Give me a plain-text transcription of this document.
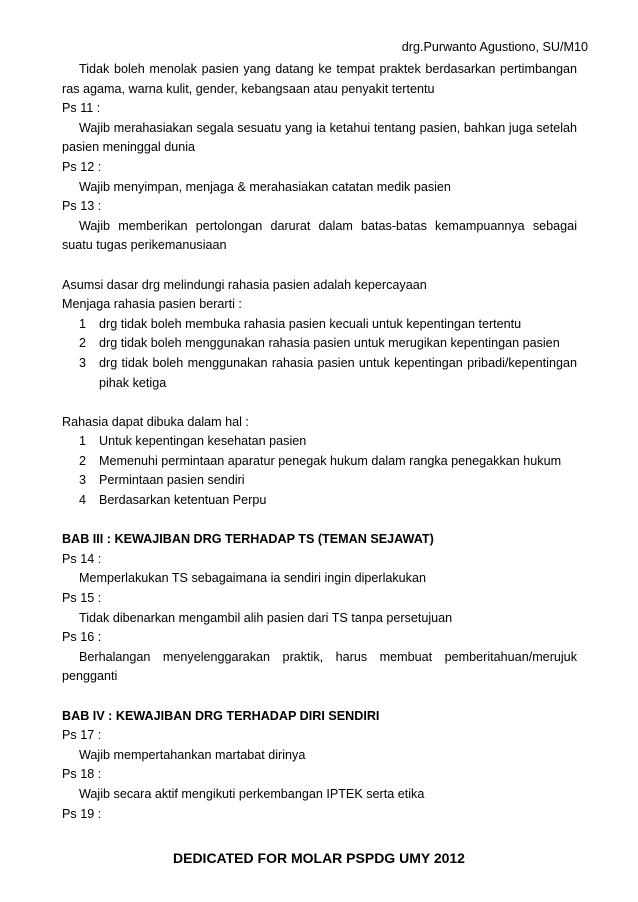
drg.Purwanto Agustiono, SU/M10

Tidak boleh menolak pasien yang datang ke tempat praktek berdasarkan pertimbangan ras agama, warna kulit, gender, kebangsaan atau penyakit tertentu

Ps 11 :

Wajib merahasiakan segala sesuatu yang ia ketahui tentang pasien, bahkan juga setelah pasien meninggal dunia

Ps 12 :

Wajib menyimpan, menjaga & merahasiakan catatan medik pasien

Ps 13 :

Wajib memberikan pertolongan darurat dalam batas-batas kemampuannya sebagai suatu tugas perikemanusiaan

Asumsi dasar drg melindungi rahasia pasien adalah kepercayaan

Menjaga rahasia pasien berarti :

1	drg tidak boleh membuka rahasia pasien kecuali untuk kepentingan tertentu
2	drg tidak boleh menggunakan rahasia pasien untuk merugikan kepentingan pasien
3	drg tidak boleh menggunakan rahasia pasien untuk kepentingan pribadi/kepentingan pihak ketiga

Rahasia dapat dibuka dalam hal :

1	Untuk kepentingan kesehatan pasien
2	Memenuhi permintaan aparatur penegak hukum dalam rangka penegakkan hukum
3	Permintaan pasien sendiri
4	Berdasarkan ketentuan Perpu

BAB III : KEWAJIBAN DRG TERHADAP TS (TEMAN SEJAWAT)

Ps 14 :

Memperlakukan TS sebagaimana ia sendiri ingin diperlakukan

Ps 15 :

Tidak dibenarkan mengambil alih pasien dari TS tanpa persetujuan

Ps 16 :

Berhalangan menyelenggarakan praktik, harus membuat pemberitahuan/merujuk pengganti

BAB IV : KEWAJIBAN DRG TERHADAP DIRI SENDIRI

Ps 17 :

Wajib mempertahankan martabat dirinya

Ps 18 :

Wajib secara aktif mengikuti perkembangan IPTEK serta etika

Ps 19 :

DEDICATED FOR MOLAR PSPDG UMY 2012
